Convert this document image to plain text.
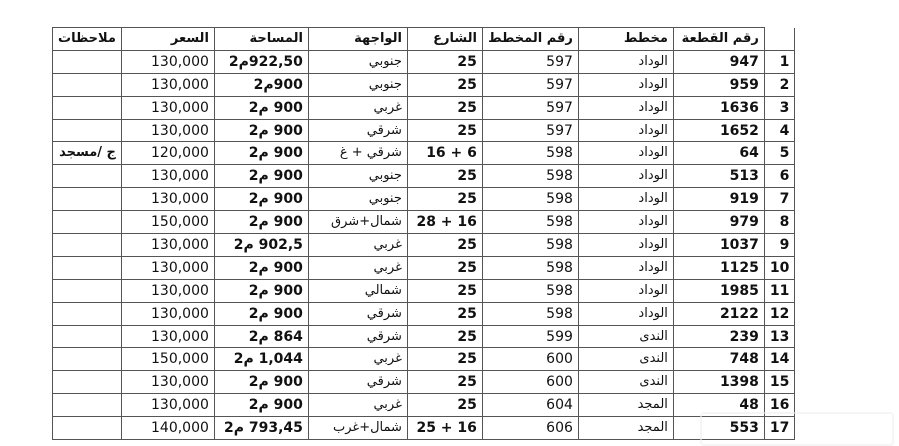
	رقم القطعة	مخطط	رقم المخطط	الشارع	الواجهة	المساحة	السعر	ملاحظات
1	947	الوداد	597	25	جنوبي	922,50م2	130,000	
2	959	الوداد	597	25	جنوبي	900م2	130,000	
3	1636	الوداد	597	25	غربي	900 م2	130,000	
4	1652	الوداد	597	25	شرقي	900 م2	130,000	
5	64	الوداد	598	6 + 16	شرقي + غ	900 م2	120,000	ج /مسجد
6	513	الوداد	598	25	جنوبي	900 م2	130,000	
7	919	الوداد	598	25	جنوبي	900 م2	130,000	
8	979	الوداد	598	16 + 28	شمال+شرق	900 م2	150,000	
9	1037	الوداد	598	25	غربي	902,5 م2	130,000	
10	1125	الوداد	598	25	غربي	900 م2	130,000	
11	1985	الوداد	598	25	شمالي	900 م2	130,000	
12	2122	الوداد	598	25	شرقي	900 م2	130,000	
13	239	الندى	599	25	شرقي	864 م2	130,000	
14	748	الندى	600	25	غربي	1,044 م2	150,000	
15	1398	الندى	600	25	شرقي	900 م2	130,000	
16	48	المجد	604	25	غربي	900 م2	130,000	
17	553	المجد	606	16 + 25	شمال+غرب	793,45 م2	140,000	
